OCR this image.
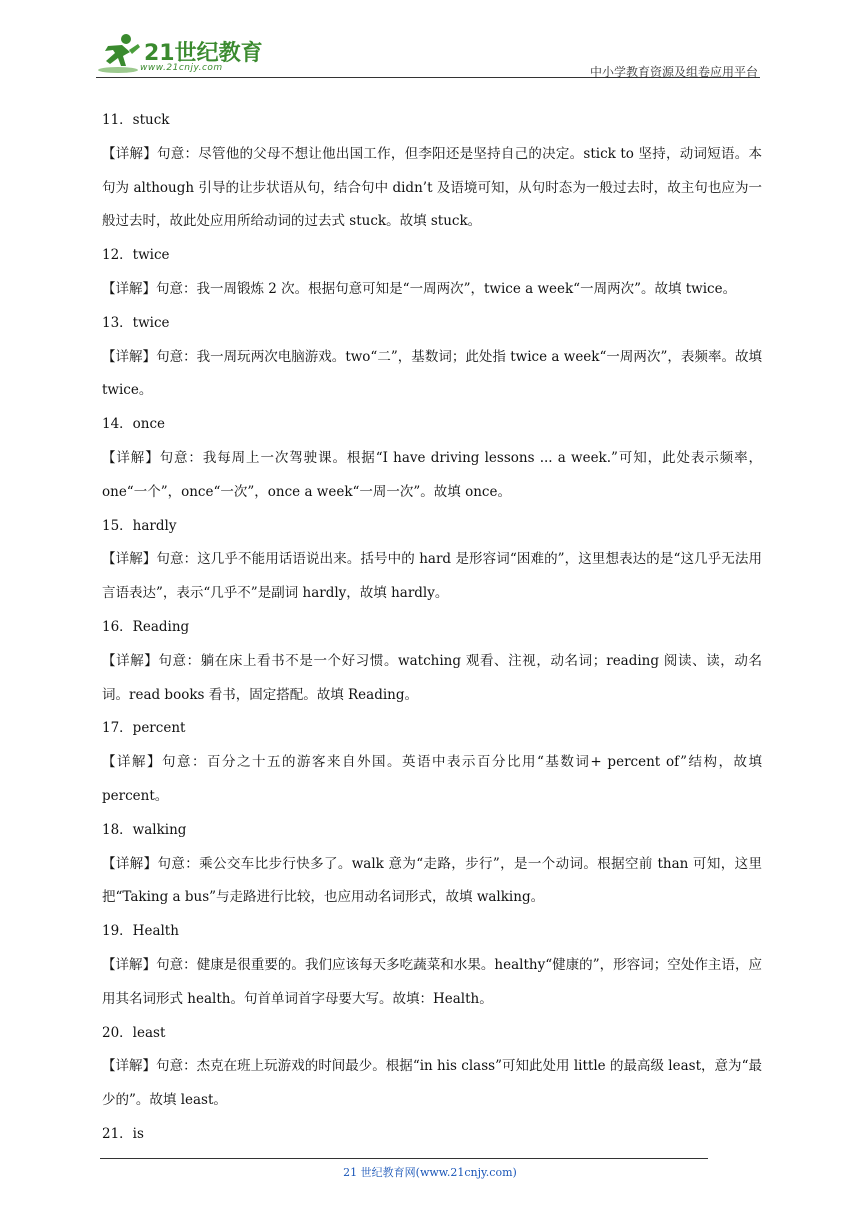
21世纪教育
www.21cnjy.com	中小学教育资源及组卷应用平台
11．stuck
【详解】句意：尽管他的父母不想让他出国工作，但李阳还是坚持自己的决定。stick to 坚持，动词短语。本句为 although 引导的让步状语从句，结合句中 didn’t 及语境可知，从句时态为一般过去时，故主句也应为一般过去时，故此处应用所给动词的过去式 stuck。故填 stuck。
12．twice
【详解】句意：我一周锻炼 2 次。根据句意可知是“一周两次”，twice a week“一周两次”。故填 twice。
13．twice
【详解】句意：我一周玩两次电脑游戏。two“二”，基数词；此处指 twice a week“一周两次”，表频率。故填 twice。
14．once
【详解】句意：我每周上一次驾驶课。根据“I have driving lessons ... a week.”可知，此处表示频率，one“一个”，once“一次”，once a week“一周一次”。故填 once。
15．hardly
【详解】句意：这几乎不能用话语说出来。括号中的 hard 是形容词“困难的”，这里想表达的是“这几乎无法用言语表达”，表示“几乎不”是副词 hardly，故填 hardly。
16．Reading
【详解】句意：躺在床上看书不是一个好习惯。watching 观看、注视，动名词；reading 阅读、读，动名词。read books 看书，固定搭配。故填 Reading。
17．percent
【详解】句意：百分之十五的游客来自外国。英语中表示百分比用“基数词+ percent of”结构，故填 percent。
18．walking
【详解】句意：乘公交车比步行快多了。walk 意为“走路，步行”，是一个动词。根据空前 than 可知，这里把“Taking a bus”与走路进行比较，也应用动名词形式，故填 walking。
19．Health
【详解】句意：健康是很重要的。我们应该每天多吃蔬菜和水果。healthy“健康的”，形容词；空处作主语，应用其名词形式 health。句首单词首字母要大写。故填：Health。
20．least
【详解】句意：杰克在班上玩游戏的时间最少。根据“in his class”可知此处用 little 的最高级 least，意为“最少的”。故填 least。
21．is
21 世纪教育网(www.21cnjy.com)
